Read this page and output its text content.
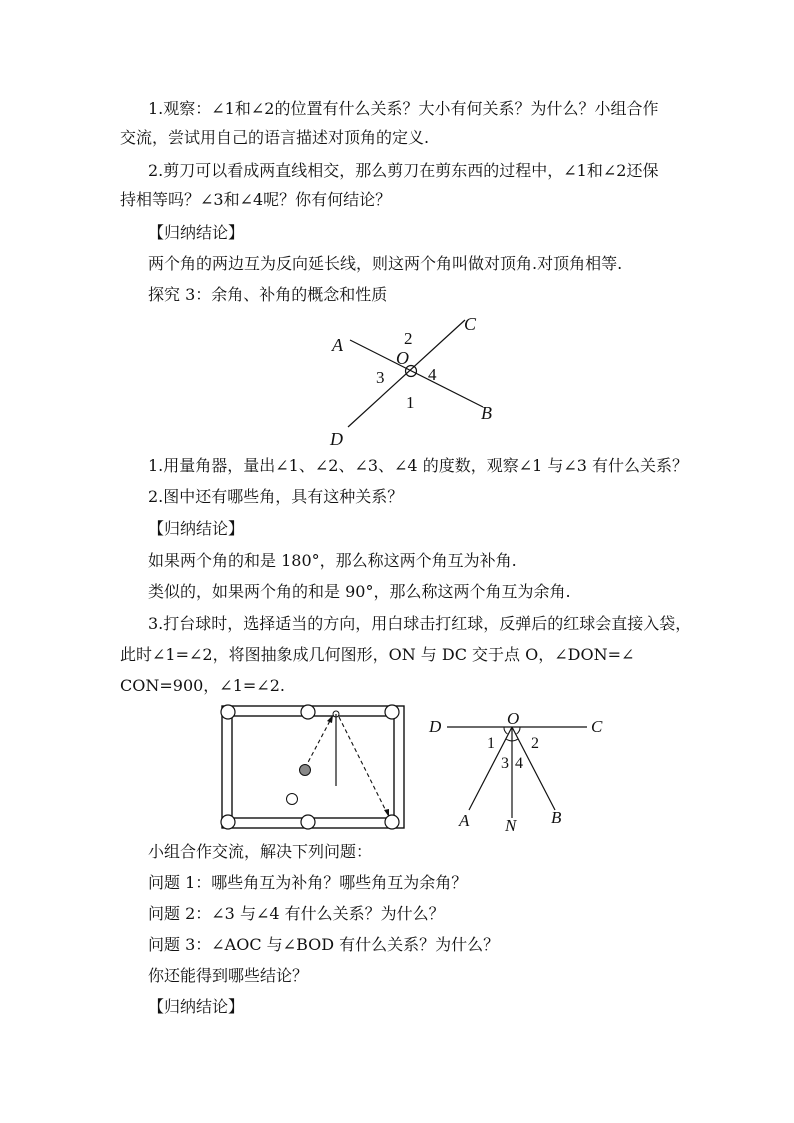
1.观察：∠1和∠2的位置有什么关系？大小有何关系？为什么？小组合作
交流，尝试用自己的语言描述对顶角的定义.
2.剪刀可以看成两直线相交，那么剪刀在剪东西的过程中，∠1和∠2还保
持相等吗？∠3和∠4呢？你有何结论？
【归纳结论】
两个角的两边互为反向延长线，则这两个角叫做对顶角.对顶角相等.
探究 3：余角、补角的概念和性质
A
B
C
D
O
1
2
3	4
1.用量角器，量出∠1、∠2、∠3、∠4 的度数，观察∠1 与∠3 有什么关系？
2.图中还有哪些角，具有这种关系？
【归纳结论】
如果两个角的和是 180°，那么称这两个角互为补角.
类似的，如果两个角的和是 90°，那么称这两个角互为余角.
3.打台球时，选择适当的方向，用白球击打红球，反弹后的红球会直接入袋，
此时∠1=∠2，将图抽象成几何图形，ON 与 DC 交于点 O，∠DON=∠
CON=900，∠1=∠2.
D	O	C
A N B
1 2
3 4
小组合作交流，解决下列问题：
问题 1：哪些角互为补角？哪些角互为余角？
问题 2：∠3 与∠4 有什么关系？为什么？
问题 3：∠AOC 与∠BOD 有什么关系？为什么？
你还能得到哪些结论？
【归纳结论】
